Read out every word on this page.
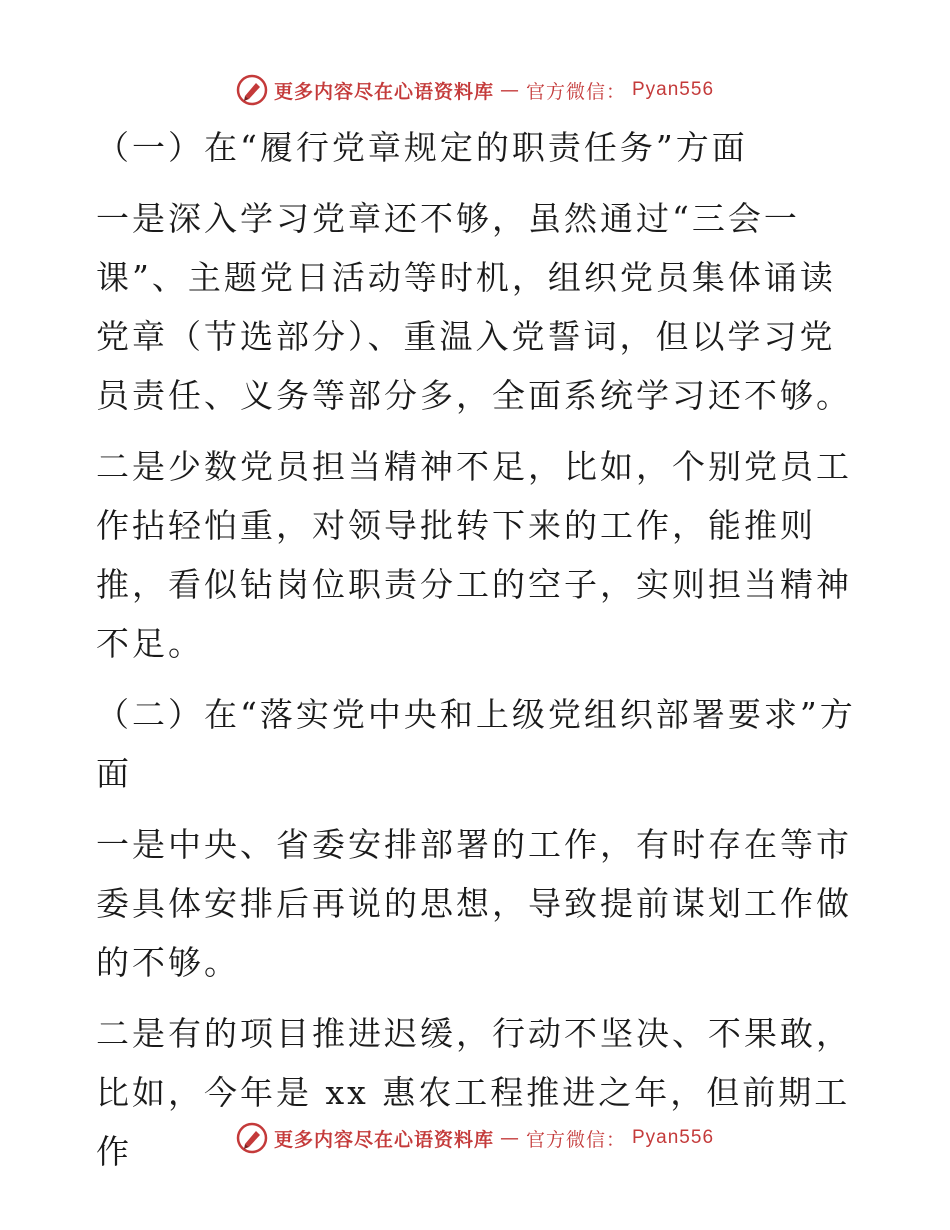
更多内容尽在心语资料库 — 官方微信： Pyan556

（一）在“履行党章规定的职责任务”方面

一是深入学习党章还不够，虽然通过“三会一课”、主题党日活动等时机，组织党员集体诵读党章（节选部分）、重温入党誓词，但以学习党员责任、义务等部分多，全面系统学习还不够。

二是少数党员担当精神不足，比如，个别党员工作拈轻怕重，对领导批转下来的工作，能推则推，看似钻岗位职责分工的空子，实则担当精神不足。

（二）在“落实党中央和上级党组织部署要求”方面

一是中央、省委安排部署的工作，有时存在等市委具体安排后再说的思想，导致提前谋划工作做的不够。

二是有的项目推进迟缓，行动不坚决、不果敢，比如，今年是 xx 惠农工程推进之年，但前期工作	更多内容尽在心语资料库 — 官方微信： Pyan556
